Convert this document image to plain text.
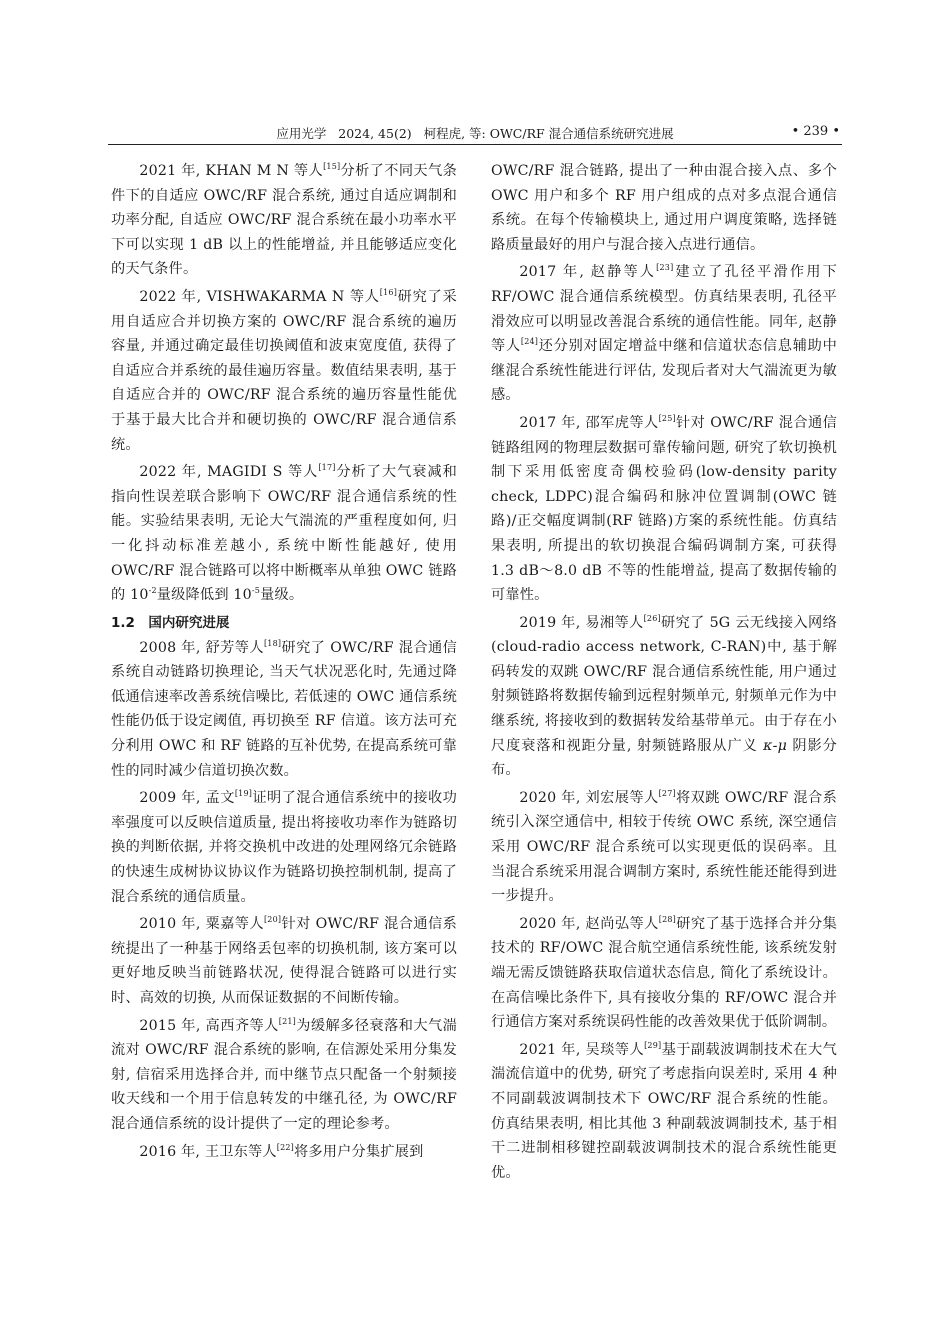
应用光学 2024, 45(2) 柯程虎, 等: OWC/RF 混合通信系统研究进展	• 239 •

2021 年, KHAN M N 等人[15]分析了不同天气条件下的自适应 OWC/RF 混合系统, 通过自适应调制和功率分配, 自适应 OWC/RF 混合系统在最小功率水平下可以实现 1 dB 以上的性能增益, 并且能够适应变化的天气条件。

2022 年, VISHWAKARMA N 等人[16]研究了采用自适应合并切换方案的 OWC/RF 混合系统的遍历容量, 并通过确定最佳切换阈值和波束宽度值, 获得了自适应合并系统的最佳遍历容量。数值结果表明, 基于自适应合并的 OWC/RF 混合系统的遍历容量性能优于基于最大比合并和硬切换的 OWC/RF 混合通信系统。

2022 年, MAGIDI S 等人[17]分析了大气衰减和指向性误差联合影响下 OWC/RF 混合通信系统的性能。实验结果表明, 无论大气湍流的严重程度如何, 归一化抖动标准差越小, 系统中断性能越好, 使用 OWC/RF 混合链路可以将中断概率从单独 OWC 链路的 $10^{-2}$量级降低到 $10^{-5}$量级。

1.2　国内研究进展

2008 年, 舒芳等人[18]研究了 OWC/RF 混合通信系统自动链路切换理论, 当天气状况恶化时, 先通过降低通信速率改善系统信噪比, 若低速的 OWC 通信系统性能仍低于设定阈值, 再切换至 RF 信道。该方法可充分利用 OWC 和 RF 链路的互补优势, 在提高系统可靠性的同时减少信道切换次数。

2009 年, 孟文[19]证明了混合通信系统中的接收功率强度可以反映信道质量, 提出将接收功率作为链路切换的判断依据, 并将交换机中改进的处理网络冗余链路的快速生成树协议协议作为链路切换控制机制, 提高了混合系统的通信质量。

2010 年, 粟嘉等人[20]针对 OWC/RF 混合通信系统提出了一种基于网络丢包率的切换机制, 该方案可以更好地反映当前链路状况, 使得混合链路可以进行实时、高效的切换, 从而保证数据的不间断传输。

2015 年, 高西齐等人[21]为缓解多径衰落和大气湍流对 OWC/RF 混合系统的影响, 在信源处采用分集发射, 信宿采用选择合并, 而中继节点只配备一个射频接收天线和一个用于信息转发的中继孔径, 为 OWC/RF 混合通信系统的设计提供了一定的理论参考。

2016 年, 王卫东等人[22]将多用户分集扩展到

OWC/RF 混合链路, 提出了一种由混合接入点、多个 OWC 用户和多个 RF 用户组成的点对多点混合通信系统。在每个传输模块上, 通过用户调度策略, 选择链路质量最好的用户与混合接入点进行通信。

2017 年, 赵静等人[23]建立了孔径平滑作用下 RF/OWC 混合通信系统模型。仿真结果表明, 孔径平滑效应可以明显改善混合系统的通信性能。同年, 赵静等人[24]还分别对固定增益中继和信道状态信息辅助中继混合系统性能进行评估, 发现后者对大气湍流更为敏感。

2017 年, 邵军虎等人[25]针对 OWC/RF 混合通信链路组网的物理层数据可靠传输问题, 研究了软切换机制下采用低密度奇偶校验码(low-density parity check, LDPC)混合编码和脉冲位置调制(OWC 链路)/正交幅度调制(RF 链路)方案的系统性能。仿真结果表明, 所提出的软切换混合编码调制方案, 可获得 1.3 dB～8.0 dB 不等的性能增益, 提高了数据传输的可靠性。

2019 年, 易湘等人[26]研究了 5G 云无线接入网络(cloud-radio access network, C-RAN)中, 基于解码转发的双跳 OWC/RF 混合通信系统性能, 用户通过射频链路将数据传输到远程射频单元, 射频单元作为中继系统, 将接收到的数据转发给基带单元。由于存在小尺度衰落和视距分量, 射频链路服从广义 κ-μ 阴影分布。

2020 年, 刘宏展等人[27]将双跳 OWC/RF 混合系统引入深空通信中, 相较于传统 OWC 系统, 深空通信采用 OWC/RF 混合系统可以实现更低的误码率。且当混合系统采用混合调制方案时, 系统性能还能得到进一步提升。

2020 年, 赵尚弘等人[28]研究了基于选择合并分集技术的 RF/OWC 混合航空通信系统性能, 该系统发射端无需反馈链路获取信道状态信息, 简化了系统设计。在高信噪比条件下, 具有接收分集的 RF/OWC 混合并行通信方案对系统误码性能的改善效果优于低阶调制。

2021 年, 吴琰等人[29]基于副载波调制技术在大气湍流信道中的优势, 研究了考虑指向误差时, 采用 4 种不同副载波调制技术下 OWC/RF 混合系统的性能。仿真结果表明, 相比其他 3 种副载波调制技术, 基于相干二进制相移键控副载波调制技术的混合系统性能更优。
